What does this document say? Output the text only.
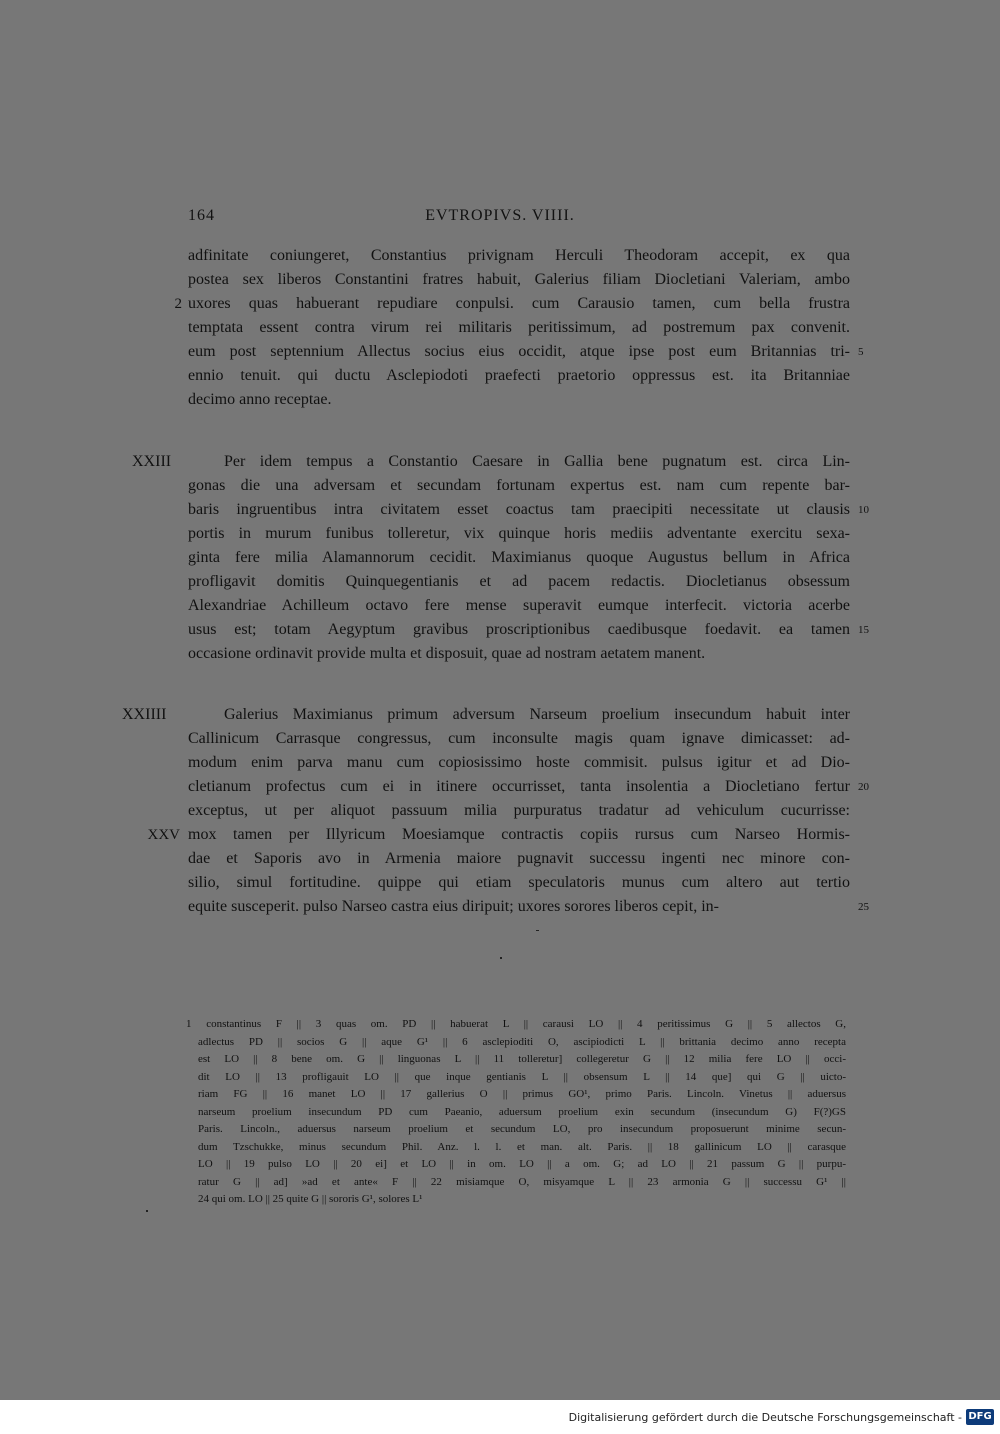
164	EVTROPIVS. VIIII.
adfinitate coniungeret, Constantius privignam Herculi Theodoram accepit, ex qua
postea sex liberos Constantini fratres habuit, Galerius filiam Diocletiani Valeriam, ambo
uxores quas habuerant repudiare conpulsi. cum Carausio tamen, cum bella frustra
2
temptata essent contra virum rei militaris peritissimum, ad postremum pax convenit.
eum post septennium Allectus socius eius occidit, atque ipse post eum Britannias tri- 5
ennio tenuit. qui ductu Asclepiodoti praefecti praetorio oppressus est. ita Britanniae
decimo anno receptae.
XXIII	Per idem tempus a Constantio Caesare in Gallia bene pugnatum est. circa Lin-
gonas die una adversam et secundam fortunam expertus est. nam cum repente bar-
baris ingruentibus intra civitatem esset coactus tam praecipiti necessitate ut clausis 10
portis in murum funibus tolleretur, vix quinque horis mediis adventante exercitu sexa-
ginta fere milia Alamannorum cecidit. Maximianus quoque Augustus bellum in Africa
profligavit domitis Quinquegentianis et ad pacem redactis. Diocletianus obsessum
Alexandriae Achilleum octavo fere mense superavit eumque interfecit. victoria acerbe
usus est; totam Aegyptum gravibus proscriptionibus caedibusque foedavit. ea tamen 15
occasione ordinavit provide multa et disposuit, quae ad nostram aetatem manent.
XXIIII	Galerius Maximianus primum adversum Narseum proelium insecundum habuit inter
Callinicum Carrasque congressus, cum inconsulte magis quam ignave dimicasset: ad-
modum enim parva manu cum copiosissimo hoste commisit. pulsus igitur et ad Dio-
cletianum profectus cum ei in itinere occurrisset, tanta insolentia a Diocletiano fertur 20
exceptus, ut per aliquot passuum milia purpuratus tradatur ad vehiculum cucurrisse:
mox tamen per Illyricum Moesiamque contractis copiis rursus cum Narseo Hormis-
XXV
dae et Saporis avo in Armenia maiore pugnavit successu ingenti nec minore con-
silio, simul fortitudine. quippe qui etiam speculatoris munus cum altero aut tertio
equite susceperit. pulso Narseo castra eius diripuit; uxores sorores liberos cepit, in-	25
1 constantinus F || 3 quas om. PD || habuerat L || carausi LO || 4 peritissimus G || 5 allectos G,
adlectus PD || socios G || aque G¹ || 6 asclepioditi O, ascipiodicti L || brittania decimo anno recepta
est LO || 8 bene om. G || linguonas L || 11 tolleretur] collegeretur G || 12 milia fere LO || occi-
dit LO || 13 profligauit LO || que inque gentianis L || obsensum L || 14 que] qui G || uicto-
riam FG || 16 manet LO || 17 gallerius O || primus GO¹, primo Paris. Lincoln. Vinetus || aduersus
narseum proelium insecundum PD cum Paeanio, aduersum proelium exin secundum (insecundum G) F(?)GS
Paris. Lincoln., aduersus narseum proelium et secundum LO, pro insecundum proposuerunt minime secun-
dum Tzschukke, minus secundum Phil. Anz. l. l. et man. alt. Paris. || 18 gallinicum LO || carasque
LO || 19 pulso LO || 20 ei] et LO || in om. LO || a om. G; ad LO || 21 passum G || purpu-
ratur G || ad] »ad et ante« F || 22 misiamque O, misyamque L || 23 armonia G || successu G¹ ||
24 qui om. LO || 25 quite G || sororis G¹, solores L¹
Digitalisierung gefördert durch die Deutsche Forschungsgemeinschaft - DFG
